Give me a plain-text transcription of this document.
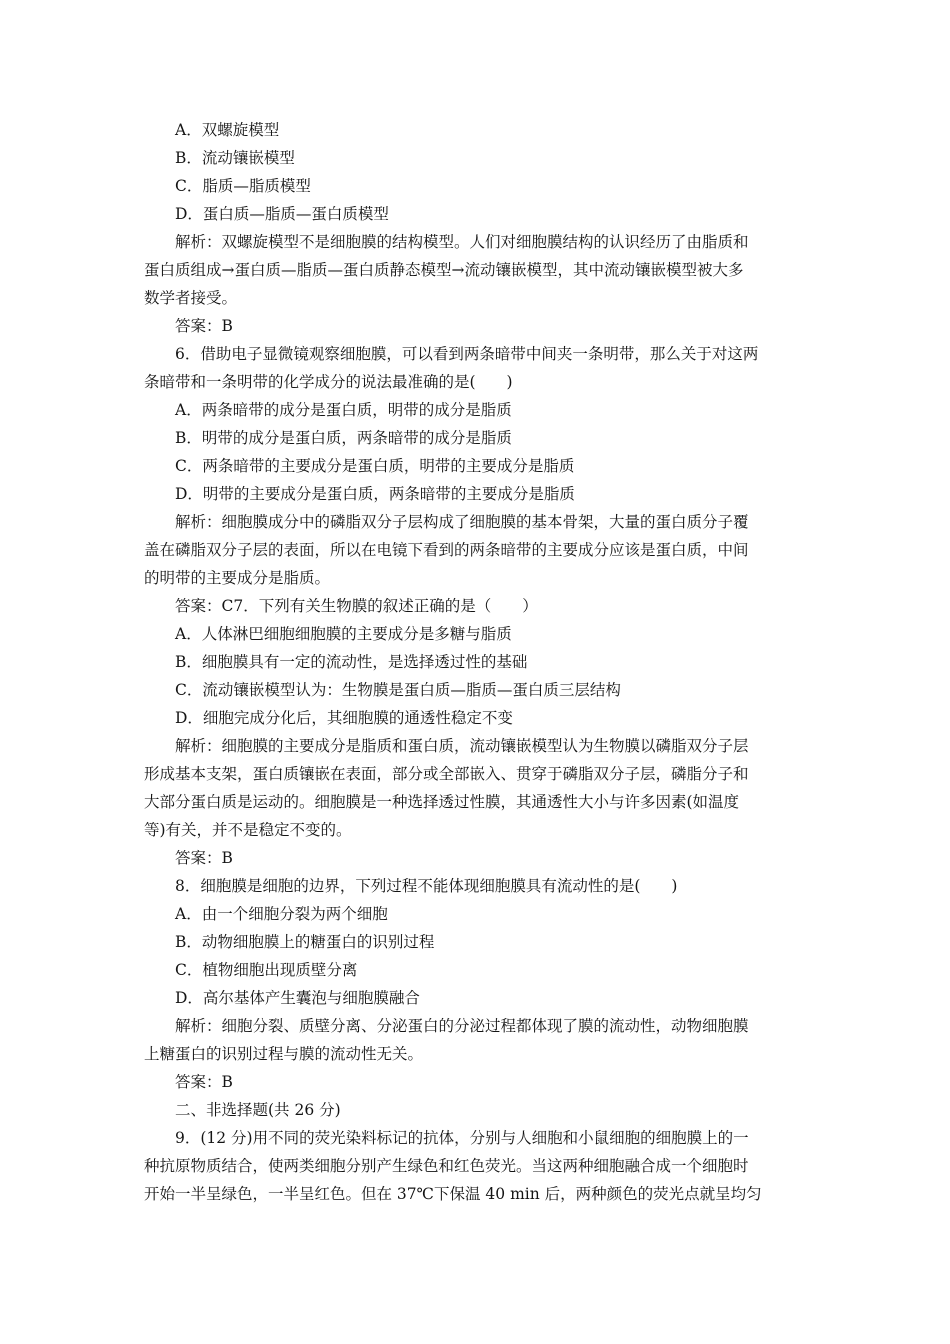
A．双螺旋模型
B．流动镶嵌模型
C．脂质—脂质模型
D．蛋白质—脂质—蛋白质模型
解析：双螺旋模型不是细胞膜的结构模型。人们对细胞膜结构的认识经历了由脂质和
蛋白质组成→蛋白质—脂质—蛋白质静态模型→流动镶嵌模型，其中流动镶嵌模型被大多
数学者接受。
答案：B
6．借助电子显微镜观察细胞膜，可以看到两条暗带中间夹一条明带，那么关于对这两
条暗带和一条明带的化学成分的说法最准确的是(　　)
A．两条暗带的成分是蛋白质，明带的成分是脂质
B．明带的成分是蛋白质，两条暗带的成分是脂质
C．两条暗带的主要成分是蛋白质，明带的主要成分是脂质
D．明带的主要成分是蛋白质，两条暗带的主要成分是脂质
解析：细胞膜成分中的磷脂双分子层构成了细胞膜的基本骨架，大量的蛋白质分子覆
盖在磷脂双分子层的表面，所以在电镜下看到的两条暗带的主要成分应该是蛋白质，中间
的明带的主要成分是脂质。
答案：C7．下列有关生物膜的叙述正确的是（　　）
A．人体淋巴细胞细胞膜的主要成分是多糖与脂质
B．细胞膜具有一定的流动性，是选择透过性的基础
C．流动镶嵌模型认为：生物膜是蛋白质—脂质—蛋白质三层结构
D．细胞完成分化后，其细胞膜的通透性稳定不变
解析：细胞膜的主要成分是脂质和蛋白质，流动镶嵌模型认为生物膜以磷脂双分子层
形成基本支架，蛋白质镶嵌在表面，部分或全部嵌入、贯穿于磷脂双分子层，磷脂分子和
大部分蛋白质是运动的。细胞膜是一种选择透过性膜，其通透性大小与许多因素(如温度
等)有关，并不是稳定不变的。
答案：B
8．细胞膜是细胞的边界，下列过程不能体现细胞膜具有流动性的是(　　)
A．由一个细胞分裂为两个细胞
B．动物细胞膜上的糖蛋白的识别过程
C．植物细胞出现质壁分离
D．高尔基体产生囊泡与细胞膜融合
解析：细胞分裂、质壁分离、分泌蛋白的分泌过程都体现了膜的流动性，动物细胞膜
上糖蛋白的识别过程与膜的流动性无关。
答案：B
二、非选择题(共 26 分)
9．(12 分)用不同的荧光染料标记的抗体，分别与人细胞和小鼠细胞的细胞膜上的一
种抗原物质结合，使两类细胞分别产生绿色和红色荧光。当这两种细胞融合成一个细胞时
开始一半呈绿色，一半呈红色。但在 37℃下保温 40 min 后，两种颜色的荧光点就呈均匀
